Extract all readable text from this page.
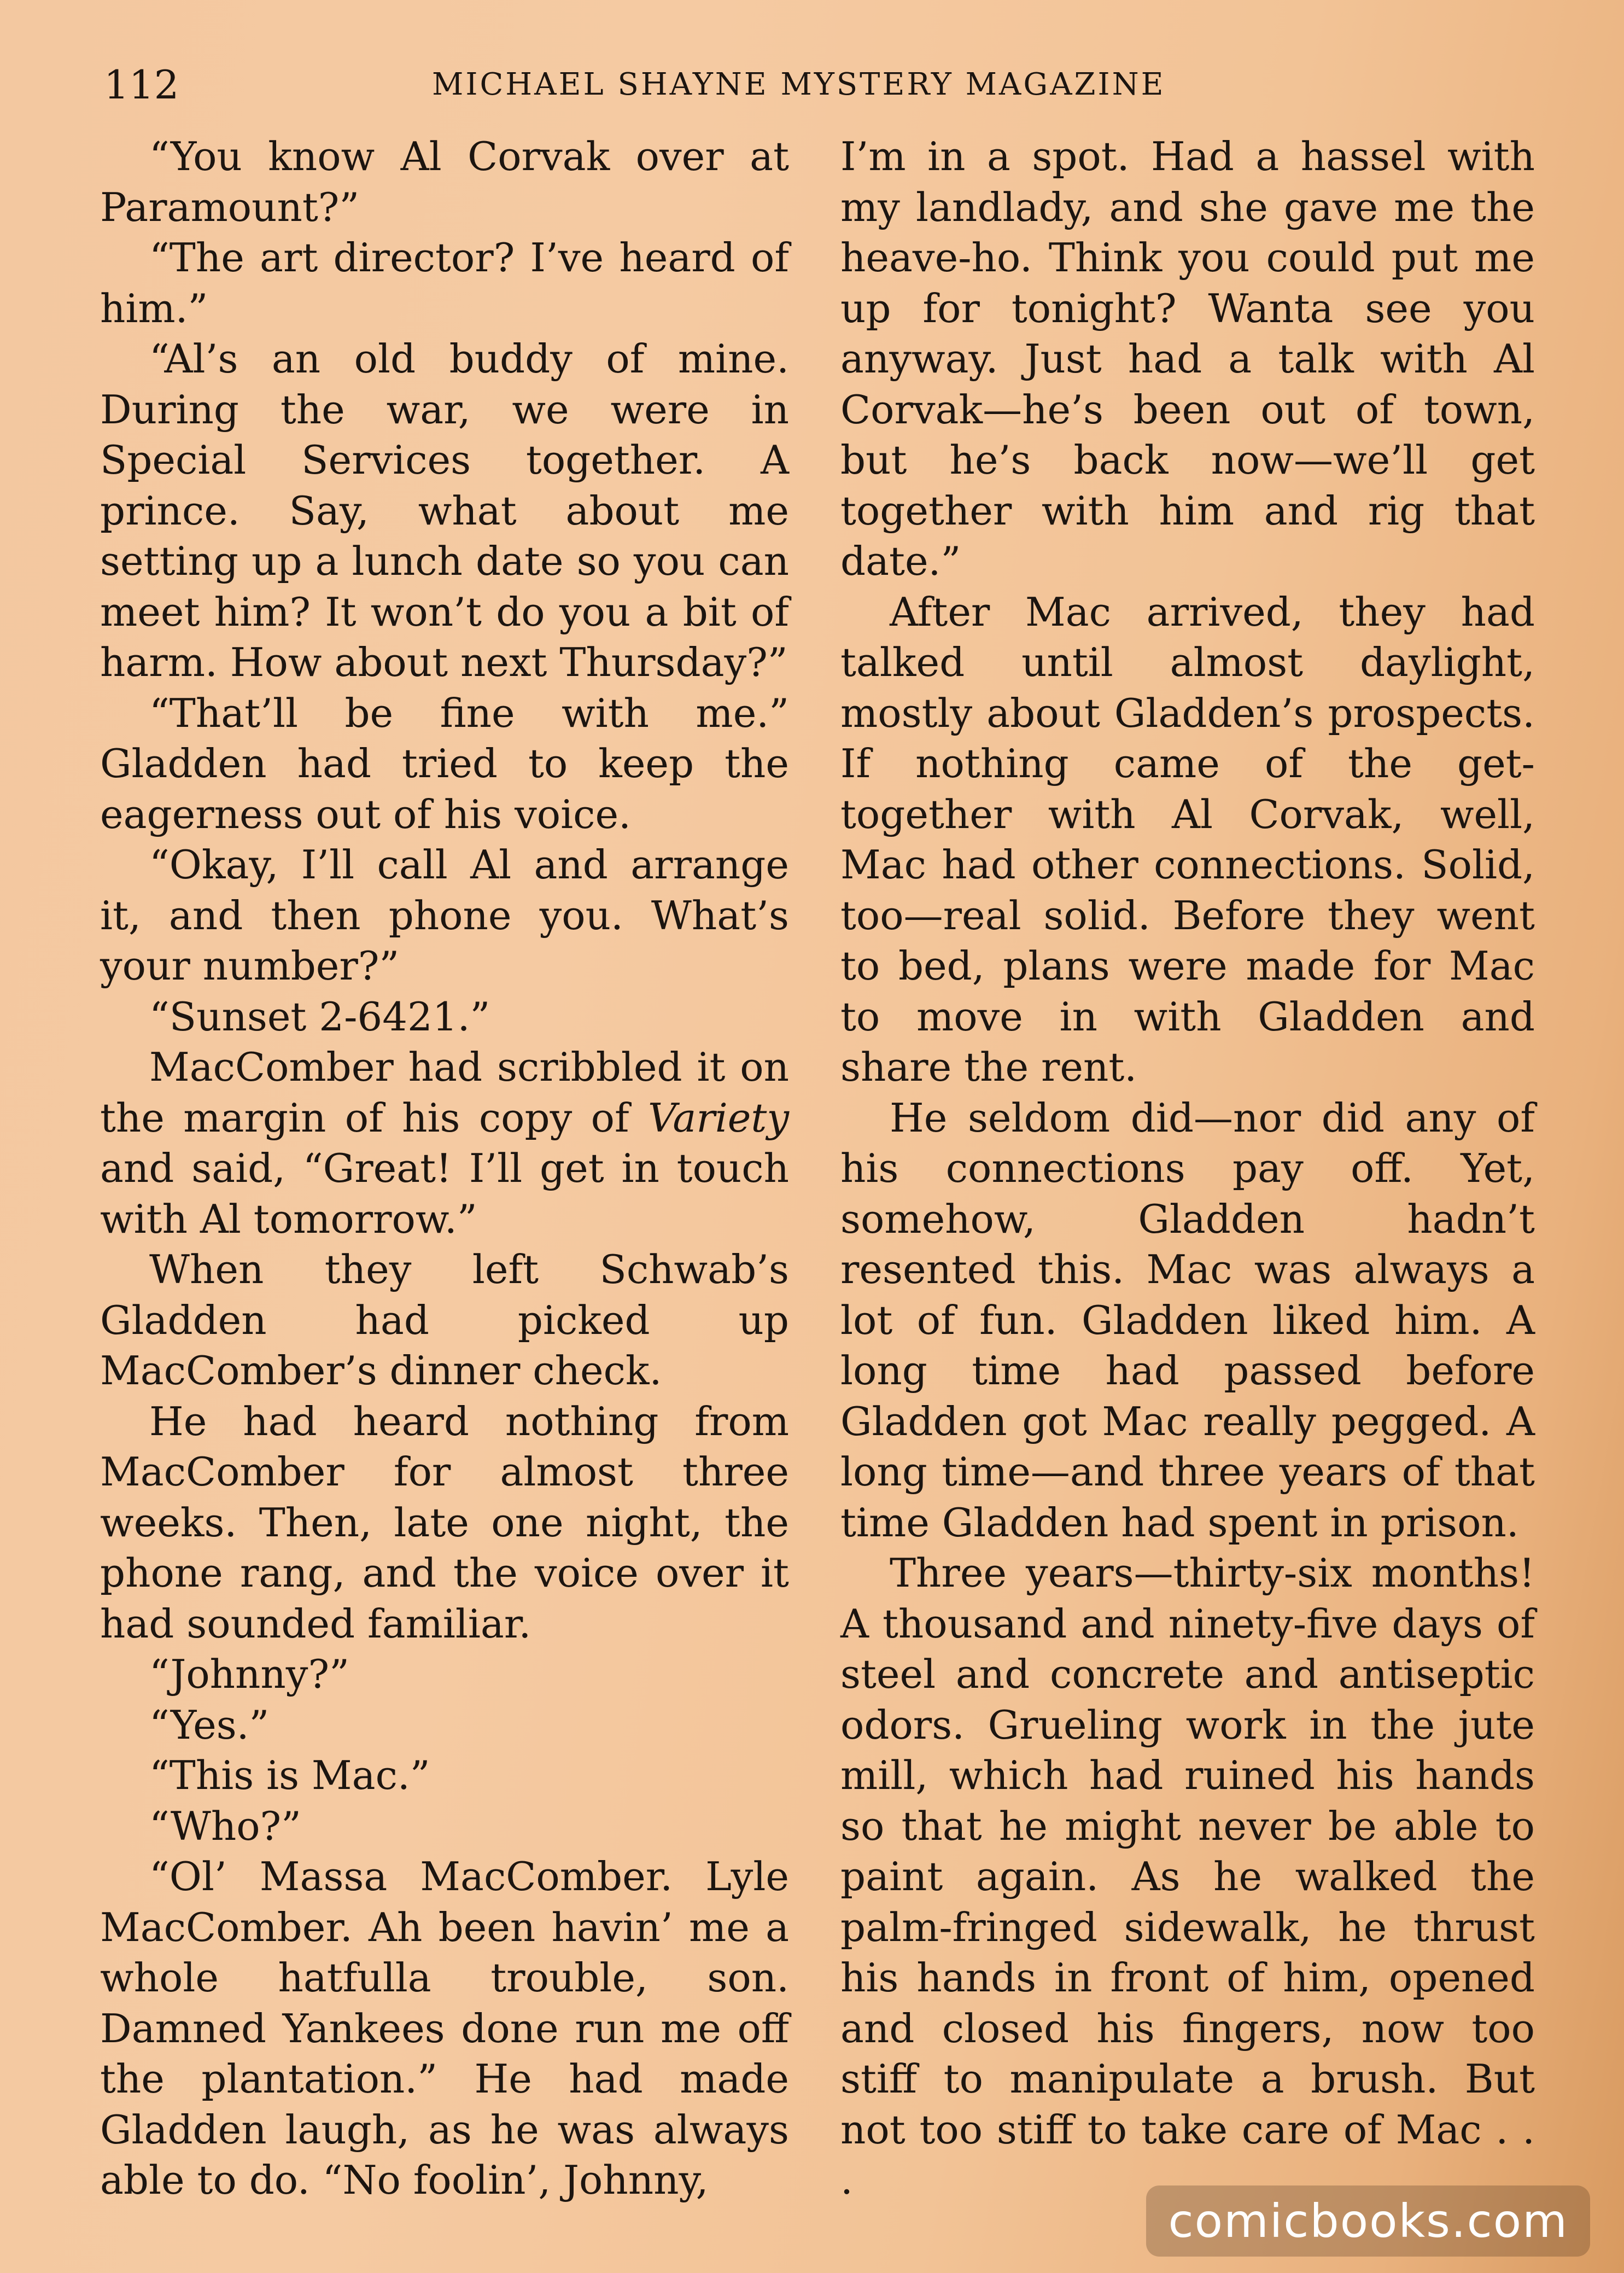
112	MICHAEL SHAYNE MYSTERY MAGAZINE

“You know Al Corvak over at Paramount?”

“The art director? I’ve heard of him.”

“Al’s an old buddy of mine. During the war, we were in Special Services together. A prince. Say, what about me setting up a lunch date so you can meet him? It won’t do you a bit of harm. How about next Thursday?”

“That’ll be fine with me.” Gladden had tried to keep the eagerness out of his voice.

“Okay, I’ll call Al and arrange it, and then phone you. What’s your number?”

“Sunset 2-6421.”

MacComber had scribbled it on the margin of his copy of Variety and said, “Great! I’ll get in touch with Al tomorrow.”

When they left Schwab’s Gladden had picked up MacComber’s dinner check.

He had heard nothing from MacComber for almost three weeks. Then, late one night, the phone rang, and the voice over it had sounded familiar.

“Johnny?”

“Yes.”

“This is Mac.”

“Who?”

“Ol’ Massa MacComber. Lyle MacComber. Ah been havin’ me a whole hatfulla trouble, son. Damned Yankees done run me off the plantation.” He had made Gladden laugh, as he was always able to do. “No foolin’, Johnny,

I’m in a spot. Had a hassel with my landlady, and she gave me the heave-ho. Think you could put me up for tonight? Wanta see you anyway. Just had a talk with Al Corvak—he’s been out of town, but he’s back now—we’ll get together with him and rig that date.”

After Mac arrived, they had talked until almost daylight, mostly about Gladden’s prospects. If nothing came of the get-together with Al Corvak, well, Mac had other connections. Solid, too—real solid. Before they went to bed, plans were made for Mac to move in with Gladden and share the rent.

He seldom did—nor did any of his connections pay off. Yet, somehow, Gladden hadn’t resented this. Mac was always a lot of fun. Gladden liked him. A long time had passed before Gladden got Mac really pegged. A long time—and three years of that time Gladden had spent in prison.

Three years—thirty-six months! A thousand and ninety-five days of steel and concrete and antiseptic odors. Grueling work in the jute mill, which had ruined his hands so that he might never be able to paint again. As he walked the palm-fringed sidewalk, he thrust his hands in front of him, opened and closed his fingers, now too stiff to manipulate a brush. But not too stiff to take care of Mac . . .

comicbooks.com
